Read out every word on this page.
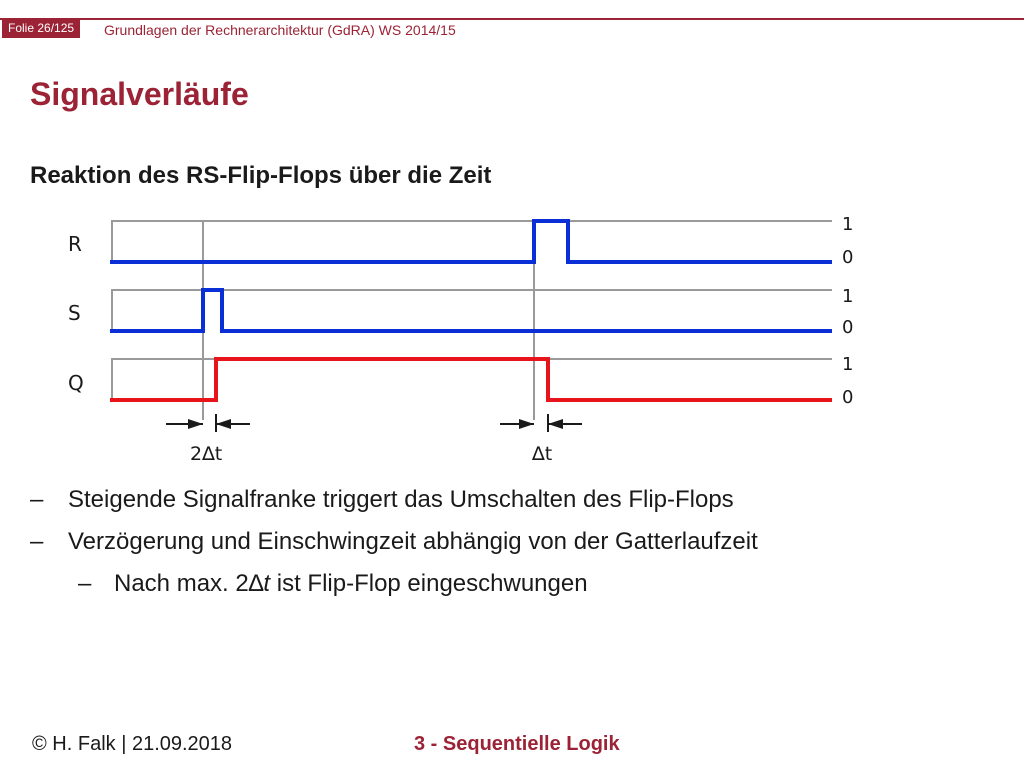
Folie 26/125	Grundlagen der Rechnerarchitektur (GdRA) WS 2014/15
Signalverläufe
Reaktion des RS-Flip-Flops über die Zeit
R
S
Q
1
0
1
0
1
0
2∆t	∆t
– Steigende Signalfranke triggert das Umschalten des Flip-Flops
– Verzögerung und Einschwingzeit abhängig von der Gatterlaufzeit
– Nach max. 2∆t ist Flip-Flop eingeschwungen
© H. Falk | 21.09.2018	3 - Sequentielle Logik
